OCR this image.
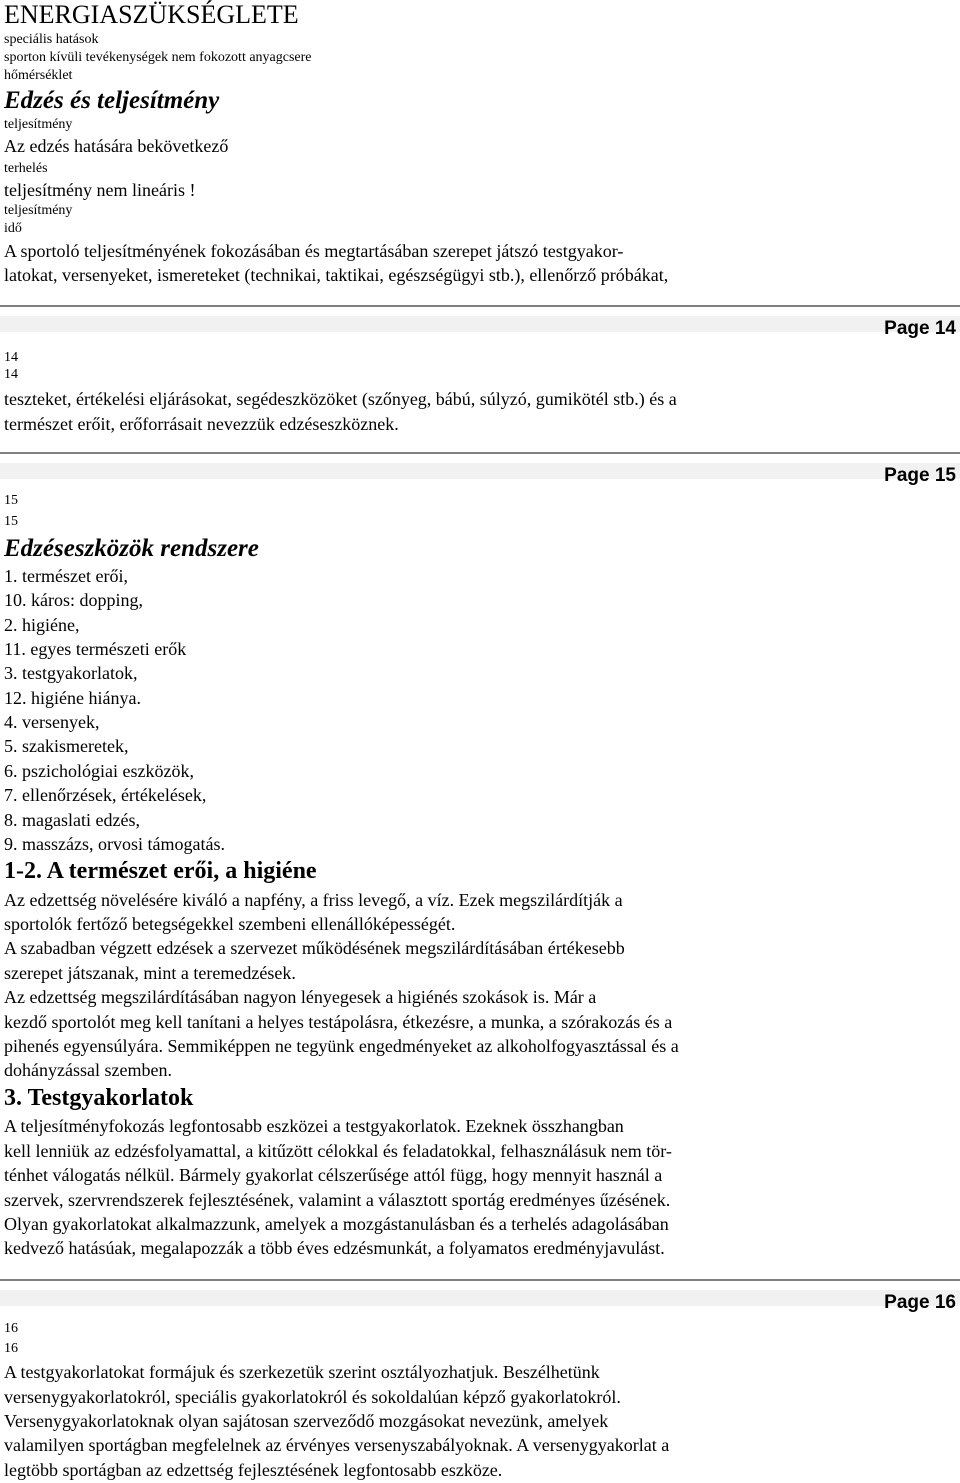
ENERGIASZÜKSÉGLETE
speciális hatások
sporton kívüli tevékenységek nem fokozott anyagcsere
hőmérséklet
Edzés és teljesítmény
teljesítmény
Az edzés hatására bekövetkező
terhelés
teljesítmény nem lineáris !
teljesítmény
idő
A sportoló teljesítményének fokozásában és megtartásában szerepet játszó testgyakor-
latokat, versenyeket, ismereteket (technikai, taktikai, egészségügyi stb.), ellenőrző próbákat,
Page 14
14
14
teszteket, értékelési eljárásokat, segédeszközöket (szőnyeg, bábú, súlyzó, gumikötél stb.) és a
természet erőit, erőforrásait nevezzük edzéseszköznek.
Page 15
15
15
Edzéseszközök rendszere
1. természet erői,
10. káros: dopping,
2. higiéne,
11. egyes természeti erők
3. testgyakorlatok,
12. higiéne hiánya.
4. versenyek,
5. szakismeretek,
6. pszichológiai eszközök,
7. ellenőrzések, értékelések,
8. magaslati edzés,
9. masszázs, orvosi támogatás.
1-2. A természet erői, a higiéne
Az edzettség növelésére kiváló a napfény, a friss levegő, a víz. Ezek megszilárdítják a
sportolók fertőző betegségekkel szembeni ellenállóképességét.
A szabadban végzett edzések a szervezet működésének megszilárdításában értékesebb
szerepet játszanak, mint a teremedzések.
Az edzettség megszilárdításában nagyon lényegesek a higiénés szokások is. Már a
kezdő sportolót meg kell tanítani a helyes testápolásra, étkezésre, a munka, a szórakozás és a
pihenés egyensúlyára. Semmiképpen ne tegyünk engedményeket az alkoholfogyasztással és a
dohányzással szemben.
3. Testgyakorlatok
A teljesítményfokozás legfontosabb eszközei a testgyakorlatok. Ezeknek összhangban
kell lenniük az edzésfolyamattal, a kitűzött célokkal és feladatokkal, felhasználásuk nem tör-
ténhet válogatás nélkül. Bármely gyakorlat célszerűsége attól függ, hogy mennyit használ a
szervek, szervrendszerek fejlesztésének, valamint a választott sportág eredményes űzésének.
Olyan gyakorlatokat alkalmazzunk, amelyek a mozgástanulásban és a terhelés adagolásában
kedvező hatásúak, megalapozzák a több éves edzésmunkát, a folyamatos eredményjavulást.
Page 16
16
16
A testgyakorlatokat formájuk és szerkezetük szerint osztályozhatjuk. Beszélhetünk
versenygyakorlatokról, speciális gyakorlatokról és sokoldalúan képző gyakorlatokról.
Versenygyakorlatoknak olyan sajátosan szerveződő mozgásokat nevezünk, amelyek
valamilyen sportágban megfelelnek az érvényes versenyszabályoknak. A versenygyakorlat a
legtöbb sportágban az edzettség fejlesztésének legfontosabb eszköze.
